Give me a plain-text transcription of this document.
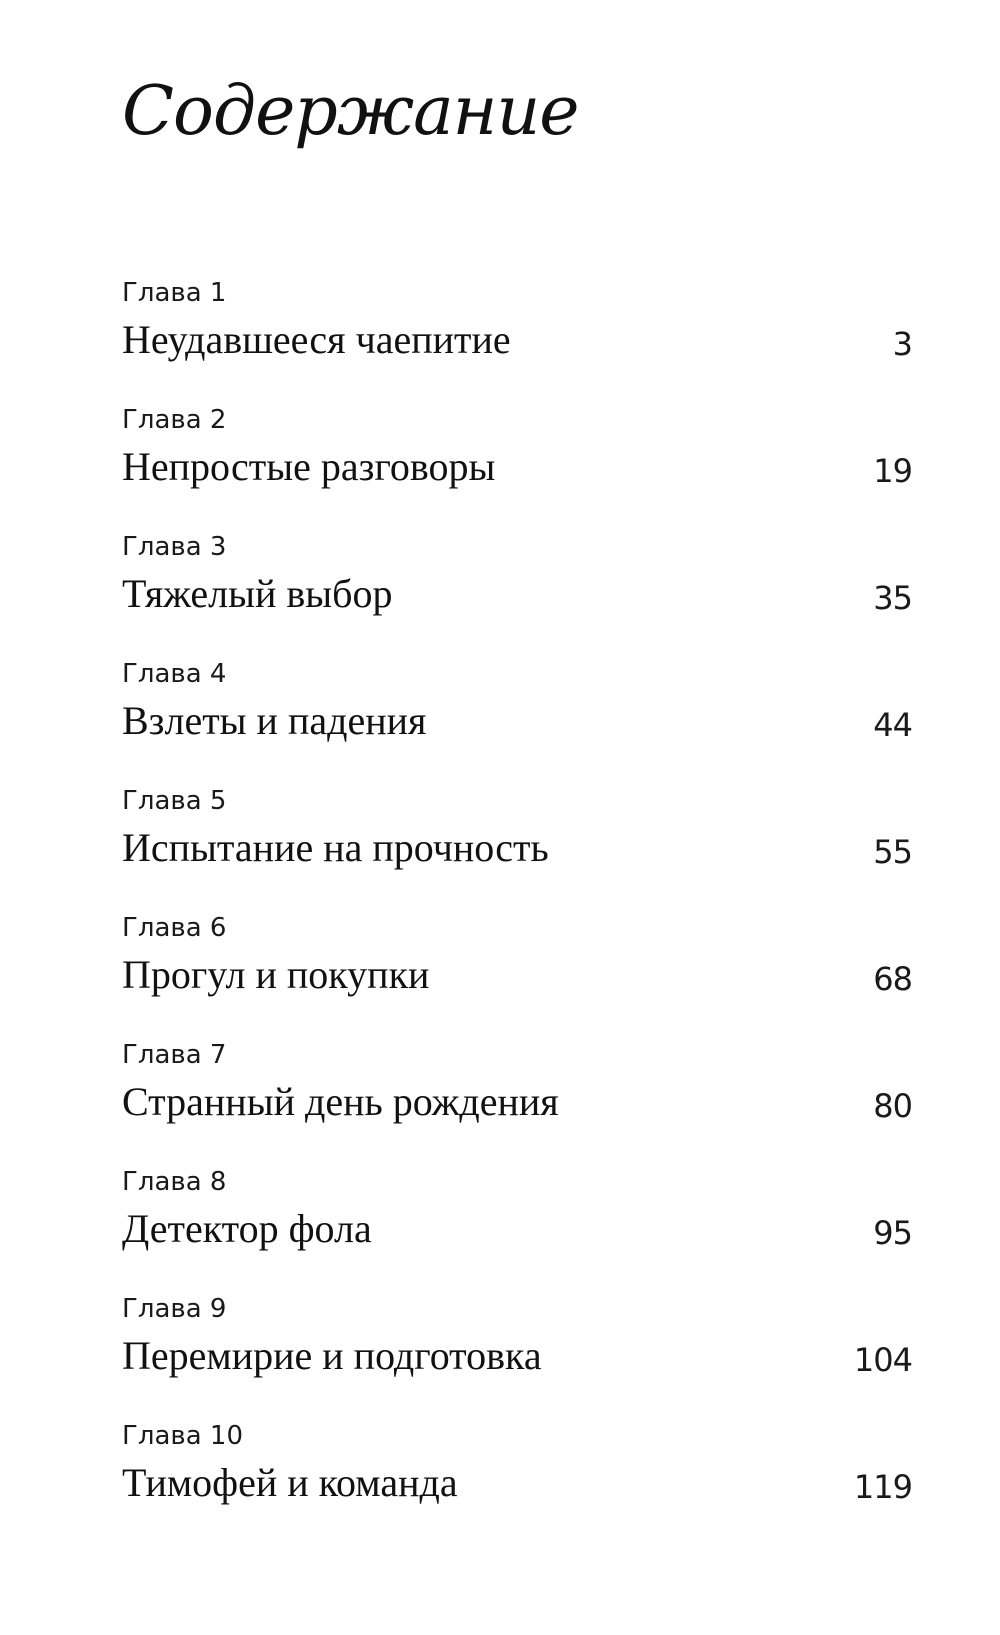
Содержание
Глава 1
Неудавшееся чаепитие	3
Глава 2
Непростые разговоры	19
Глава 3
Тяжелый выбор	35
Глава 4
Взлеты и падения	44
Глава 5
Испытание на прочность	55
Глава 6
Прогул и покупки	68
Глава 7
Странный день рождения	80
Глава 8
Детектор фола	95
Глава 9
Перемирие и подготовка	104
Глава 10
Тимофей и команда	119
